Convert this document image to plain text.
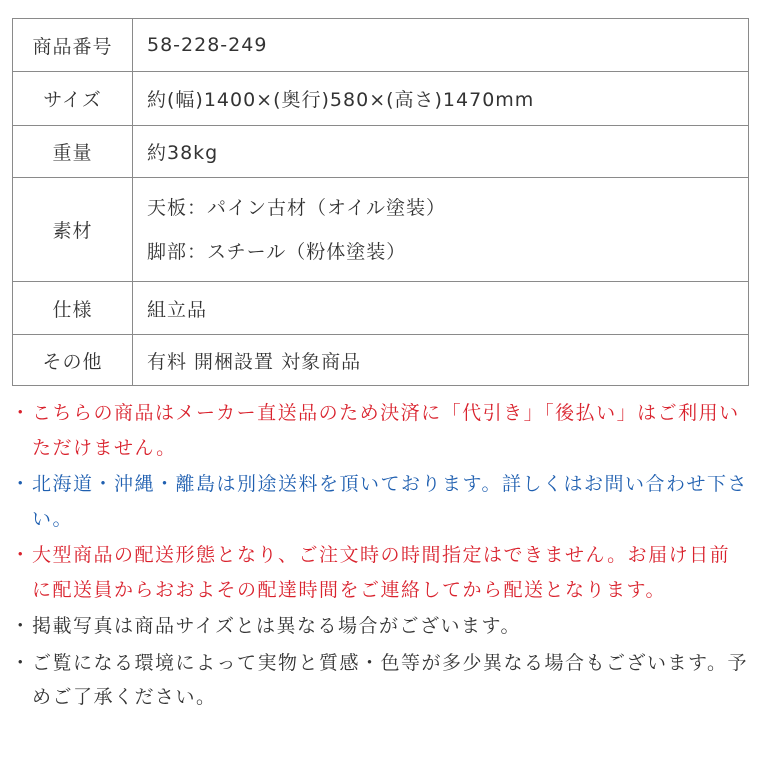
商品番号	58-228-249
サイズ	約(幅)1400×(奥行)580×(高さ)1470mm
重量	約38kg
素材	天板：パイン古材（オイル塗装）
脚部：スチール（粉体塗装）

仕様	組立品
その他	有料 開梱設置 対象商品
・ こちらの商品はメーカー直送品のため決済に「代引き」「後払い」はご利用いただけません。
・ 北海道・沖縄・離島は別途送料を頂いております。詳しくはお問い合わせ下さい。
・ 大型商品の配送形態となり、ご注文時の時間指定はできません。お届け日前に配送員からおおよその配達時間をご連絡してから配送となります。
・ 掲載写真は商品サイズとは異なる場合がございます。
・ ご覧になる環境によって実物と質感・色等が多少異なる場合もございます。予めご了承ください。
